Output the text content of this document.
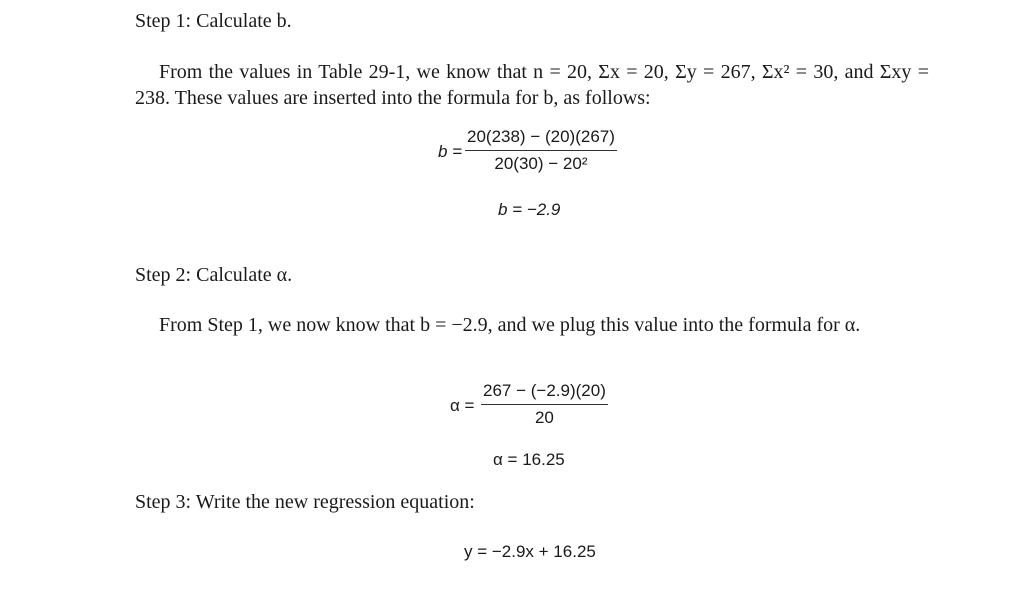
Step 1: Calculate b.
From the values in Table 29-1, we know that n = 20, Σx = 20, Σy = 267, Σx² = 30, and Σxy = 238. These values are inserted into the formula for b, as follows:
$b = \frac{20(238) - (20)(267)}{\text{20(30) − 20²}}$
b = −2.9
Step 2: Calculate α.
From Step 1, we now know that b = −2.9, and we plug this value into the formula for α.
$\alpha = \frac{267 - (-2.9)(20)}{20}$
α = 16.25
Step 3: Write the new regression equation:
y = −2.9x + 16.25
